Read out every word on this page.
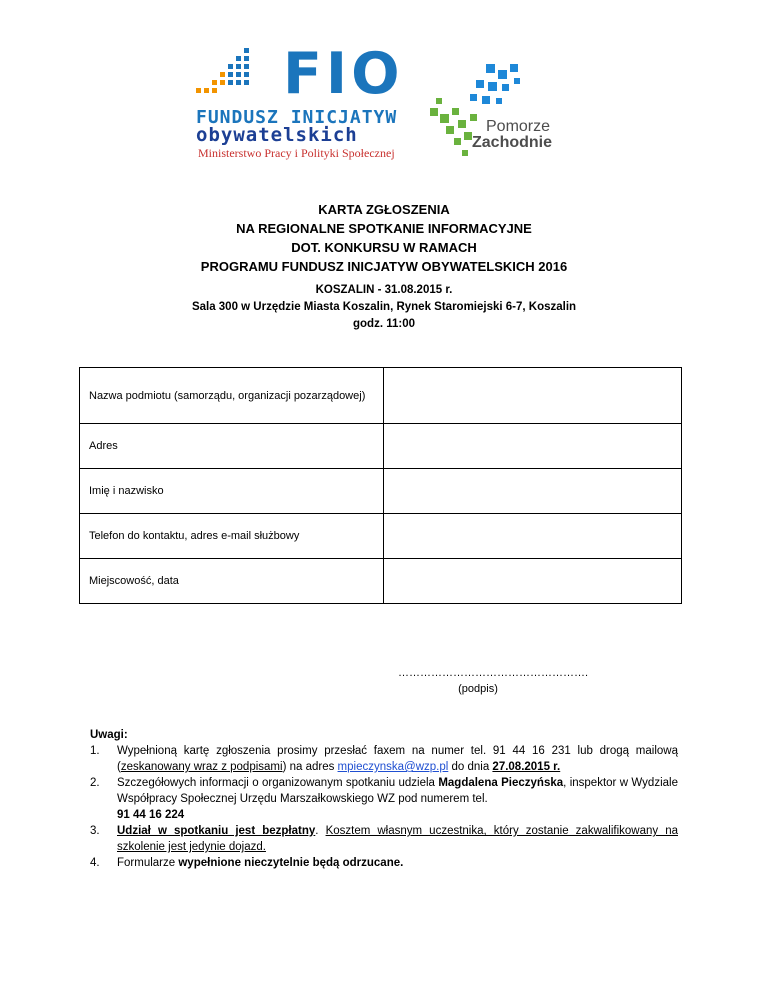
FIO
FUNDUSZ INICJATYW
obywatelskich
Ministerstwo Pracy i Polityki Społecznej
Pomorze
Zachodnie
KARTA ZGŁOSZENIA
NA REGIONALNE SPOTKANIE INFORMACYJNE
DOT. KONKURSU W RAMACH
PROGRAMU FUNDUSZ INICJATYW OBYWATELSKICH 2016
KOSZALIN - 31.08.2015 r.
Sala 300 w Urzędzie Miasta Koszalin, Rynek Staromiejski 6-7, Koszalin
godz. 11:00
Nazwa podmiotu (samorządu, organizacji pozarządowej)	
Adres	
Imię i nazwisko	
Telefon do kontaktu, adres e-mail służbowy	
Miejscowość, data	
…………………………………………….
(podpis)
Uwagi:
1. Wypełnioną kartę zgłoszenia prosimy przesłać faxem na numer tel. 91 44 16 231 lub drogą mailową (zeskanowany wraz z podpisami) na adres mpieczynska@wzp.pl do dnia 27.08.2015 r.
2. Szczegółowych informacji o organizowanym spotkaniu udziela Magdalena Pieczyńska, inspektor w Wydziale Współpracy Społecznej Urzędu Marszałkowskiego WZ pod numerem tel.
91 44 16 224
3. Udział w spotkaniu jest bezpłatny. Kosztem własnym uczestnika, który zostanie zakwalifikowany na szkolenie jest jedynie dojazd.
4. Formularze wypełnione nieczytelnie będą odrzucane.
